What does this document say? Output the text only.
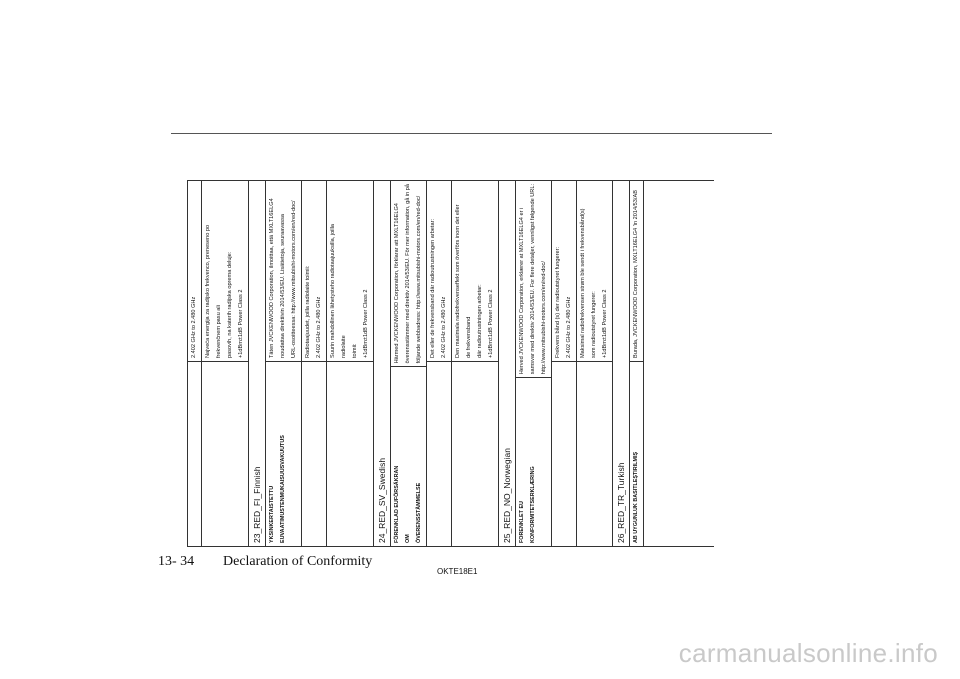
2.402 GHz to 2.480 GHz	Najveća energija za radijsko frekvenco, preneseno po frekvenčnem pasu ali pasovih, na katerih radijska oprema deluje: +1dBm±1dB Power Class 2
23_RED_FI_Finnish	YKSINKERTAISTETTU EUVAATIMUSTENMUKAISUUSVAKUUTUS
Täten JVCKENWOOD Corporation, ilmoittaa, että MXLT16ELG4 noudattaa direktiivin 2014/53/EU. Lisätietoja, seuraavassa URL-osoitteessa: http://www.mitsubishi-motors.com/en/red-doc/	Radiotaajuudet, joilla radiolaite toimii: 2.402 GHz to 2.480 GHz	Suurin mahdollinen lähetysteho radiotaajuuksilla, joilla radiolaite toimii: +1dBm±1dB Power Class 2
24_RED_SV_Swedish	FÖRENKLAD EUFÖRSÄKRAN OM ÖVERENSSTÄMMELSE
Härmed JVCKENWOOD Corporation, förklarar att MXLT16ELG4 överensstämmer med direktiv 2014/53/EU. För mer information, gå in på följande webbadress: http://www.mitsubishi-motors.com/en/red-doc/	Det eller de frekvensband där radioutrustningen arbetar: 2.402 GHz to 2.480 GHz	Den maximala radiofrekvenseffekt som överförs inom det eller de frekvensband där radioutrustningen arbetar: +1dBm±1dB Power Class 2
25_RED_NO_Norwegian	FORENKLET EU KONFORMITETSERKLÆRING
Herved JVCKENWOOD Corporation, erklærer at MXLT16ELG4 er i samsvar med direktiv 2014/53/EU. For flere detaljer, vennligst følgende URL: http://www.mitsubishi-motors.com/en/red-doc/	Frekvens bånd (s) der radioutstyret fungerer: 2.402 GHz to 2.480 GHz	Maksimal radiofrekvensen strøm ble sendt i frekvensbånd(s) som radioutstyret fungerer: +1dBm±1dB Power Class 2
26_RED_TR_Turkish	AB UYGUNLUK BASITLEŞTIRILMIŞ
Burada, JVCKENWOOD Corporation, MXLT16ELG4 'in 2014/53/AB
13- 34 Declaration of Conformity
OKTE18E1
carmanualsonline.info
